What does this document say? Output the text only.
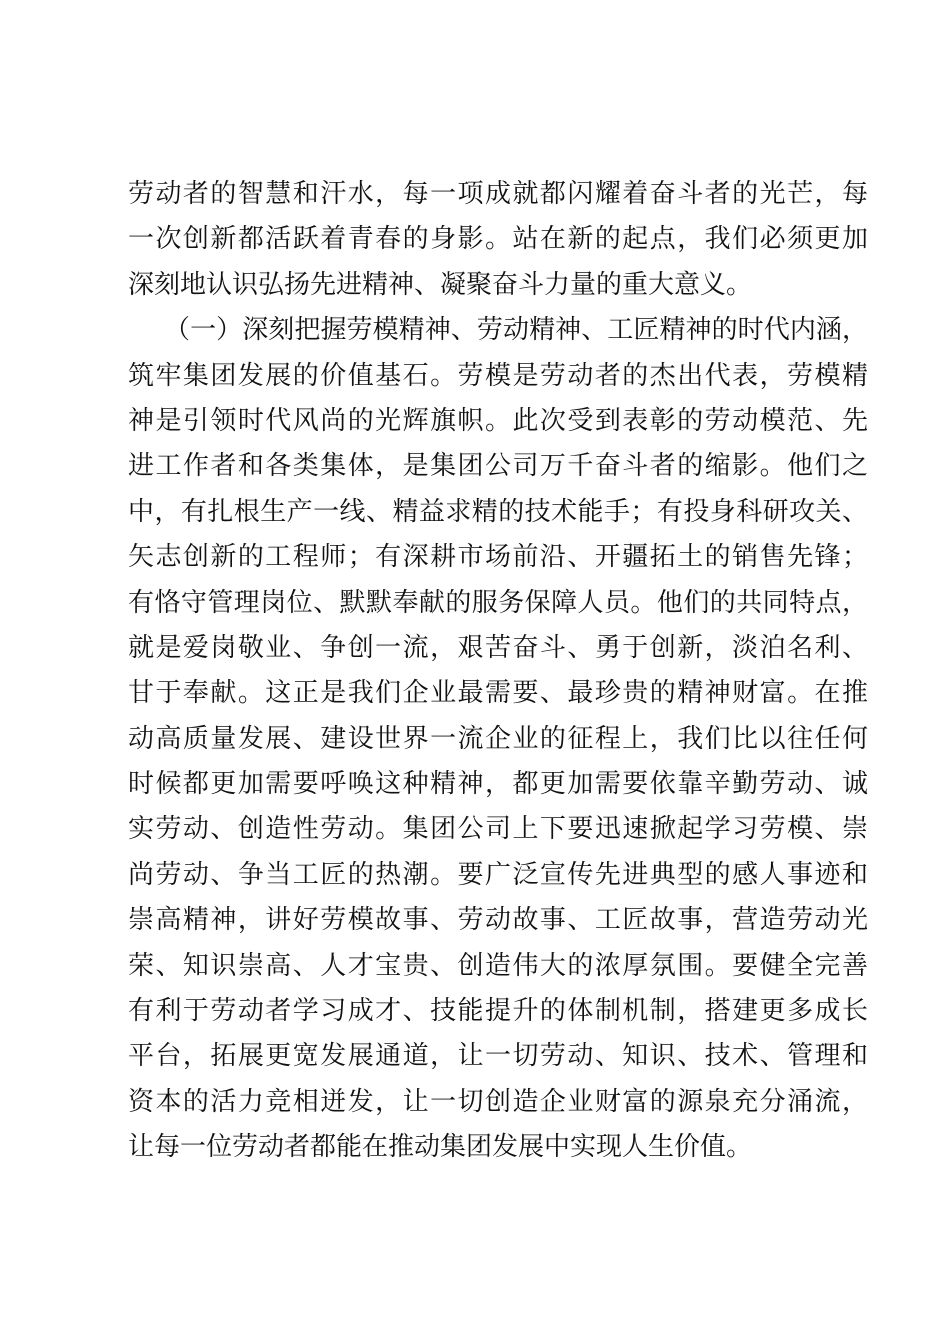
劳动者的智慧和汗水，每一项成就都闪耀着奋斗者的光芒，每
一次创新都活跃着青春的身影。站在新的起点，我们必须更加
深刻地认识弘扬先进精神、凝聚奋斗力量的重大意义。
（一）深刻把握劳模精神、劳动精神、工匠精神的时代内涵，
筑牢集团发展的价值基石。劳模是劳动者的杰出代表，劳模精
神是引领时代风尚的光辉旗帜。此次受到表彰的劳动模范、先
进工作者和各类集体，是集团公司万千奋斗者的缩影。他们之
中，有扎根生产一线、精益求精的技术能手；有投身科研攻关、
矢志创新的工程师；有深耕市场前沿、开疆拓土的销售先锋；
有恪守管理岗位、默默奉献的服务保障人员。他们的共同特点，
就是爱岗敬业、争创一流，艰苦奋斗、勇于创新，淡泊名利、
甘于奉献。这正是我们企业最需要、最珍贵的精神财富。在推
动高质量发展、建设世界一流企业的征程上，我们比以往任何
时候都更加需要呼唤这种精神，都更加需要依靠辛勤劳动、诚
实劳动、创造性劳动。集团公司上下要迅速掀起学习劳模、崇
尚劳动、争当工匠的热潮。要广泛宣传先进典型的感人事迹和
崇高精神，讲好劳模故事、劳动故事、工匠故事，营造劳动光
荣、知识崇高、人才宝贵、创造伟大的浓厚氛围。要健全完善
有利于劳动者学习成才、技能提升的体制机制，搭建更多成长
平台，拓展更宽发展通道，让一切劳动、知识、技术、管理和
资本的活力竞相迸发，让一切创造企业财富的源泉充分涌流，
让每一位劳动者都能在推动集团发展中实现人生价值。
